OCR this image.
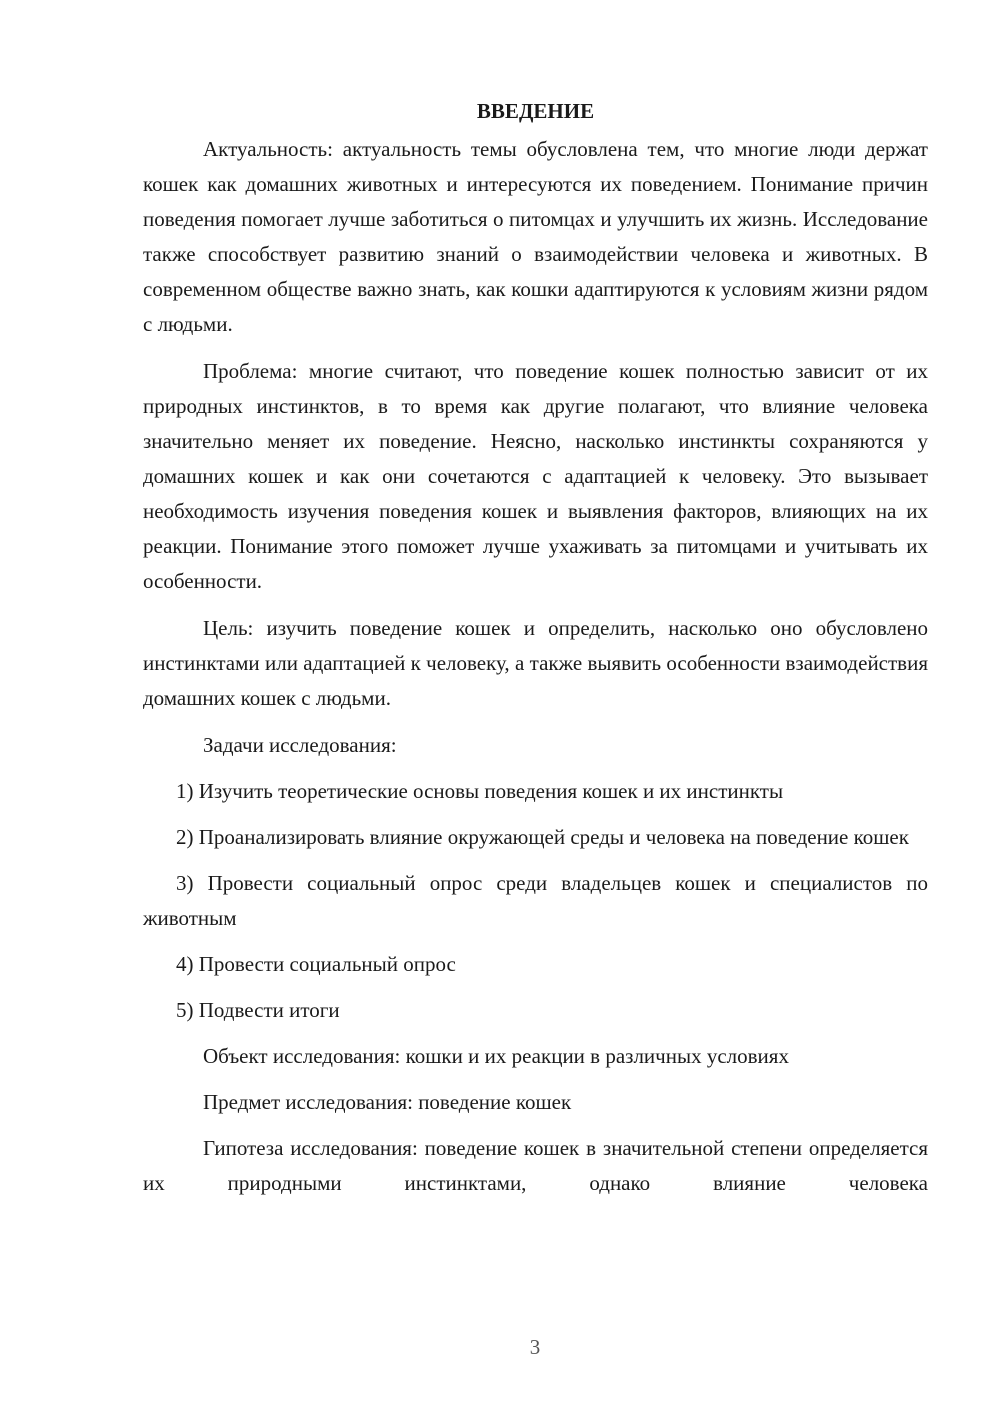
ВВЕДЕНИЕ

Актуальность: актуальность темы обусловлена тем, что многие люди держат кошек как домашних животных и интересуются их поведением. Понимание причин поведения помогает лучше заботиться о питомцах и улучшить их жизнь. Исследование также способствует развитию знаний о взаимодействии человека и животных. В современном обществе важно знать, как кошки адаптируются к условиям жизни рядом с людьми.

Проблема: многие считают, что поведение кошек полностью зависит от их природных инстинктов, в то время как другие полагают, что влияние человека значительно меняет их поведение. Неясно, насколько инстинкты сохраняются у домашних кошек и как они сочетаются с адаптацией к человеку. Это вызывает необходимость изучения поведения кошек и выявления факторов, влияющих на их реакции. Понимание этого поможет лучше ухаживать за питомцами и учитывать их особенности.

Цель: изучить поведение кошек и определить, насколько оно обусловлено инстинктами или адаптацией к человеку, а также выявить особенности взаимодействия домашних кошек с людьми.

Задачи исследования:

1) Изучить теоретические основы поведения кошек и их инстинкты

2) Проанализировать влияние окружающей среды и человека на поведение кошек

3) Провести социальный опрос среди владельцев кошек и специалистов по животным

4) Провести социальный опрос

5) Подвести итоги

Объект исследования: кошки и их реакции в различных условиях

Предмет исследования: поведение кошек

Гипотеза исследования: поведение кошек в значительной степени определяется их природными инстинктами, однако влияние человека

3
